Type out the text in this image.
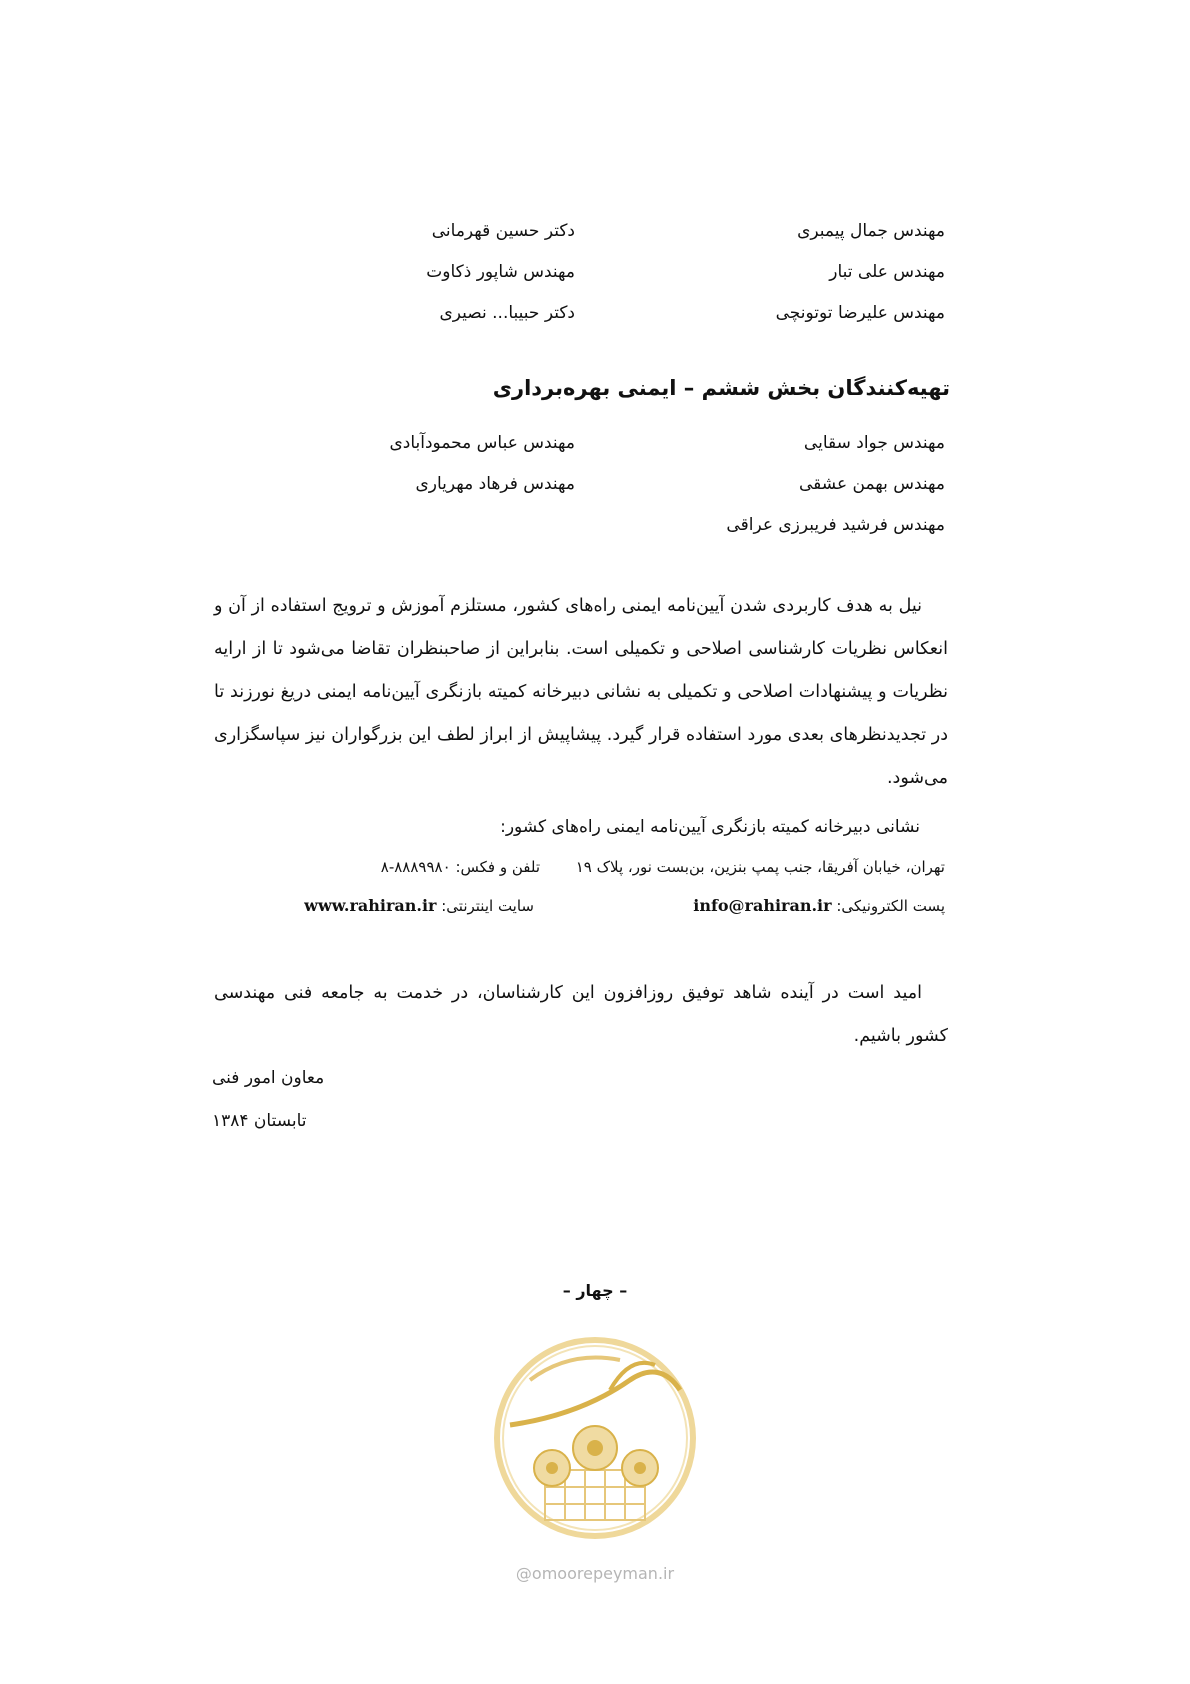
مهندس جمال پیمبری
دکتر حسین قهرمانی
مهندس علی تبار
مهندس شاپور ذکاوت
مهندس علیرضا توتونچی
دکتر حبیبا... نصیری
تهیه‌کنندگان بخش ششم – ایمنی بهره‌برداری
مهندس جواد سقایی
مهندس عباس محمودآبادی
مهندس بهمن عشقی
مهندس فرهاد مهریاری
مهندس فرشید فریبرزی عراقی
نیل به هدف کاربردی شدن آیین‌نامه ایمنی راه‌های کشور، مستلزم آموزش و ترویج استفاده از آن و انعکاس نظریات کارشناسی اصلاحی و تکمیلی است. بنابراین از صاحبنظران تقاضا می‌شود تا از ارایه نظریات و پیشنهادات اصلاحی و تکمیلی به نشانی دبیرخانه کمیته بازنگری آیین‌نامه ایمنی دریغ نورزند تا در تجدیدنظرهای بعدی مورد استفاده قرار گیرد. پیشاپیش از ابراز لطف این بزرگواران نیز سپاسگزاری می‌شود.
نشانی دبیرخانه کمیته بازنگری آیین‌نامه ایمنی راه‌های کشور:
تهران، خیابان آفریقا، جنب پمپ بنزین، بن‌بست نور، پلاک ۱۹
تلفن و فکس: ۸۸۸۹۹۸۰-۸
پست الکترونیکی: info@rahiran.ir
سایت اینترنتی: www.rahiran.ir
امید است در آینده شاهد توفیق روزافزون این کارشناسان، در خدمت به جامعه فنی مهندسی کشور باشیم.
معاون امور فنی
تابستان ۱۳۸۴
– چهار –
@omoorepeyman.ir
